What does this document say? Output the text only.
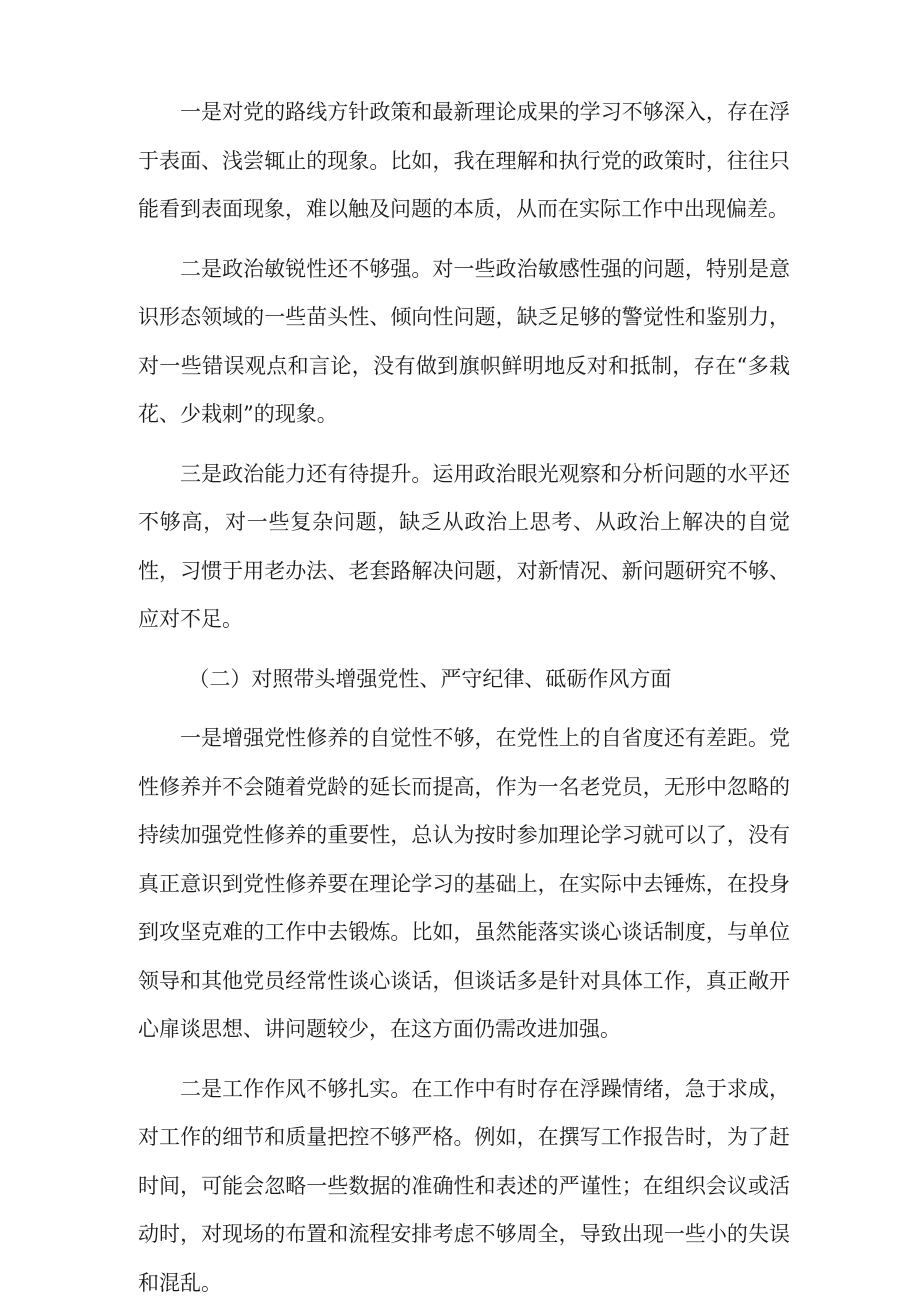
一是对党的路线方针政策和最新理论成果的学习不够深入，存在浮于表面、浅尝辄止的现象。比如，我在理解和执行党的政策时，往往只能看到表面现象，难以触及问题的本质，从而在实际工作中出现偏差。

二是政治敏锐性还不够强。对一些政治敏感性强的问题，特别是意识形态领域的一些苗头性、倾向性问题，缺乏足够的警觉性和鉴别力，对一些错误观点和言论，没有做到旗帜鲜明地反对和抵制，存在“多栽花、少栽刺”的现象。

三是政治能力还有待提升。运用政治眼光观察和分析问题的水平还不够高，对一些复杂问题，缺乏从政治上思考、从政治上解决的自觉性，习惯于用老办法、老套路解决问题，对新情况、新问题研究不够、应对不足。

（二）对照带头增强党性、严守纪律、砥砺作风方面

一是增强党性修养的自觉性不够，在党性上的自省度还有差距。党性修养并不会随着党龄的延长而提高，作为一名老党员，无形中忽略的持续加强党性修养的重要性，总认为按时参加理论学习就可以了，没有真正意识到党性修养要在理论学习的基础上，在实际中去锤炼，在投身到攻坚克难的工作中去锻炼。比如，虽然能落实谈心谈话制度，与单位领导和其他党员经常性谈心谈话，但谈话多是针对具体工作，真正敞开心扉谈思想、讲问题较少，在这方面仍需改进加强。

二是工作作风不够扎实。在工作中有时存在浮躁情绪，急于求成，对工作的细节和质量把控不够严格。例如，在撰写工作报告时，为了赶时间，可能会忽略一些数据的准确性和表述的严谨性；在组织会议或活动时，对现场的布置和流程安排考虑不够周全，导致出现一些小的失误和混乱。
